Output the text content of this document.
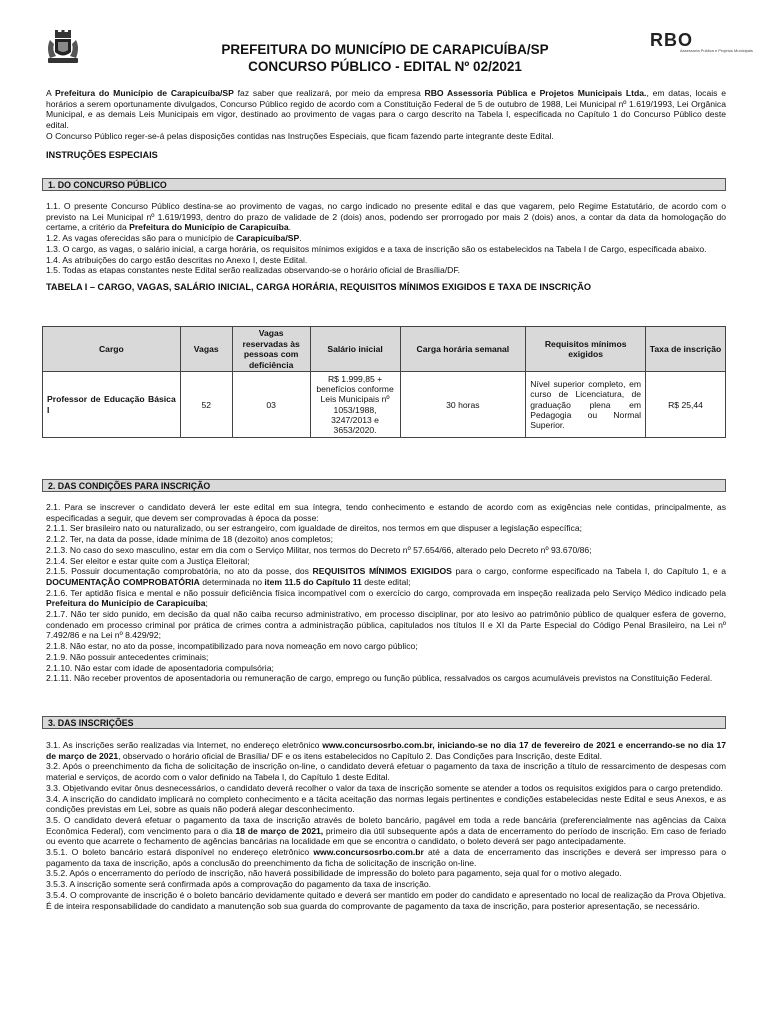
RBO
Assessoria Pública e Projetos Municipais
PREFEITURA DO MUNICÍPIO DE CARAPICUÍBA/SP
CONCURSO PÚBLICO - EDITAL Nº 02/2021

A Prefeitura do Município de Carapicuíba/SP faz saber que realizará, por meio da empresa RBO Assessoria Pública e Projetos Municipais Ltda., em datas, locais e horários a serem oportunamente divulgados, Concurso Público regido de acordo com a Constituição Federal de 5 de outubro de 1988, Lei Municipal nº 1.619/1993, Lei Orgânica Municipal, e as demais Leis Municipais em vigor, destinado ao provimento de vagas para o cargo descrito na Tabela I, especificada no Capítulo 1 do Concurso Público deste edital.

O Concurso Público reger-se-á pelas disposições contidas nas Instruções Especiais, que ficam fazendo parte integrante deste Edital.

INSTRUÇÕES ESPECIAIS

1. DO CONCURSO PÚBLICO

1.1. O presente Concurso Público destina-se ao provimento de vagas, no cargo indicado no presente edital e das que vagarem, pelo Regime Estatutário, de acordo com o previsto na Lei Municipal nº 1.619/1993, dentro do prazo de validade de 2 (dois) anos, podendo ser prorrogado por mais 2 (dois) anos, a contar da data da homologação do certame, a critério da Prefeitura do Município de Carapicuíba.

1.2. As vagas oferecidas são para o município de Carapicuíba/SP.

1.3. O cargo, as vagas, o salário inicial, a carga horária, os requisitos mínimos exigidos e a taxa de inscrição são os estabelecidos na Tabela I de Cargo, especificada abaixo.

1.4. As atribuições do cargo estão descritas no Anexo I, deste Edital.

1.5. Todas as etapas constantes neste Edital serão realizadas observando-se o horário oficial de Brasília/DF.

TABELA I – CARGO, VAGAS, SALÁRIO INICIAL, CARGA HORÁRIA, REQUISITOS MÍNIMOS EXIGIDOS E TAXA DE INSCRIÇÃO

Cargo	Vagas	Vagas reservadas às pessoas com deficiência	Salário inicial	Carga horária semanal	Requisitos mínimos exigidos	Taxa de inscrição
Professor de Educação Básica I	52	03	R$ 1.999,85 + benefícios conforme Leis Municipais nº 1053/1988, 3247/2013 e 3653/2020.	30 horas	Nível superior completo, em curso de Licenciatura, de graduação plena em Pedagogia ou Normal Superior.	R$ 25,44
2. DAS CONDIÇÕES PARA INSCRIÇÃO

2.1. Para se inscrever o candidato deverá ler este edital em sua íntegra, tendo conhecimento e estando de acordo com as exigências nele contidas, principalmente, as especificadas a seguir, que devem ser comprovadas à época da posse:

2.1.1. Ser brasileiro nato ou naturalizado, ou ser estrangeiro, com igualdade de direitos, nos termos em que dispuser a legislação específica;

2.1.2. Ter, na data da posse, idade mínima de 18 (dezoito) anos completos;

2.1.3. No caso do sexo masculino, estar em dia com o Serviço Militar, nos termos do Decreto nº 57.654/66, alterado pelo Decreto nº 93.670/86;

2.1.4. Ser eleitor e estar quite com a Justiça Eleitoral;

2.1.5. Possuir documentação comprobatória, no ato da posse, dos REQUISITOS MÍNIMOS EXIGIDOS para o cargo, conforme especificado na Tabela I, do Capítulo 1, e a DOCUMENTAÇÃO COMPROBATÓRIA determinada no item 11.5 do Capítulo 11 deste edital;

2.1.6. Ter aptidão física e mental e não possuir deficiência física incompatível com o exercício do cargo, comprovada em inspeção realizada pelo Serviço Médico indicado pela Prefeitura do Município de Carapicuíba;

2.1.7. Não ter sido punido, em decisão da qual não caiba recurso administrativo, em processo disciplinar, por ato lesivo ao patrimônio público de qualquer esfera de governo, condenado em processo criminal por prática de crimes contra a administração pública, capitulados nos títulos II e XI da Parte Especial do Código Penal Brasileiro, na Lei nº 7.492/86 e na Lei nº 8.429/92;

2.1.8. Não estar, no ato da posse, incompatibilizado para nova nomeação em novo cargo público;

2.1.9. Não possuir antecedentes criminais;

2.1.10. Não estar com idade de aposentadoria compulsória;

2.1.11. Não receber proventos de aposentadoria ou remuneração de cargo, emprego ou função pública, ressalvados os cargos acumuláveis previstos na Constituição Federal.

3. DAS INSCRIÇÕES

3.1. As inscrições serão realizadas via Internet, no endereço eletrônico www.concursosrbo.com.br, iniciando-se no dia 17 de fevereiro de 2021 e encerrando-se no dia 17 de março de 2021, observado o horário oficial de Brasília/ DF e os itens estabelecidos no Capítulo 2. Das Condições para Inscrição, deste Edital.

3.2. Após o preenchimento da ficha de solicitação de inscrição on-line, o candidato deverá efetuar o pagamento da taxa de inscrição a título de ressarcimento de despesas com material e serviços, de acordo com o valor definido na Tabela I, do Capítulo 1 deste Edital.

3.3. Objetivando evitar ônus desnecessários, o candidato deverá recolher o valor da taxa de inscrição somente se atender a todos os requisitos exigidos para o cargo pretendido.

3.4. A inscrição do candidato implicará no completo conhecimento e a tácita aceitação das normas legais pertinentes e condições estabelecidas neste Edital e seus Anexos, e as condições previstas em Lei, sobre as quais não poderá alegar desconhecimento.

3.5. O candidato deverá efetuar o pagamento da taxa de inscrição através de boleto bancário, pagável em toda a rede bancária (preferencialmente nas agências da Caixa Econômica Federal), com vencimento para o dia 18 de março de 2021, primeiro dia útil subsequente após a data de encerramento do período de inscrição. Em caso de feriado ou evento que acarrete o fechamento de agências bancárias na localidade em que se encontra o candidato, o boleto deverá ser pago antecipadamente.

3.5.1. O boleto bancário estará disponível no endereço eletrônico www.concursosrbo.com.br até a data de encerramento das inscrições e deverá ser impresso para o pagamento da taxa de inscrição, após a conclusão do preenchimento da ficha de solicitação de inscrição on-line.

3.5.2. Após o encerramento do período de inscrição, não haverá possibilidade de impressão do boleto para pagamento, seja qual for o motivo alegado.

3.5.3. A inscrição somente será confirmada após a comprovação do pagamento da taxa de inscrição.

3.5.4. O comprovante de inscrição é o boleto bancário devidamente quitado e deverá ser mantido em poder do candidato e apresentado no local de realização da Prova Objetiva. É de inteira responsabilidade do candidato a manutenção sob sua guarda do comprovante de pagamento da taxa de inscrição, para posterior apresentação, se necessário.
